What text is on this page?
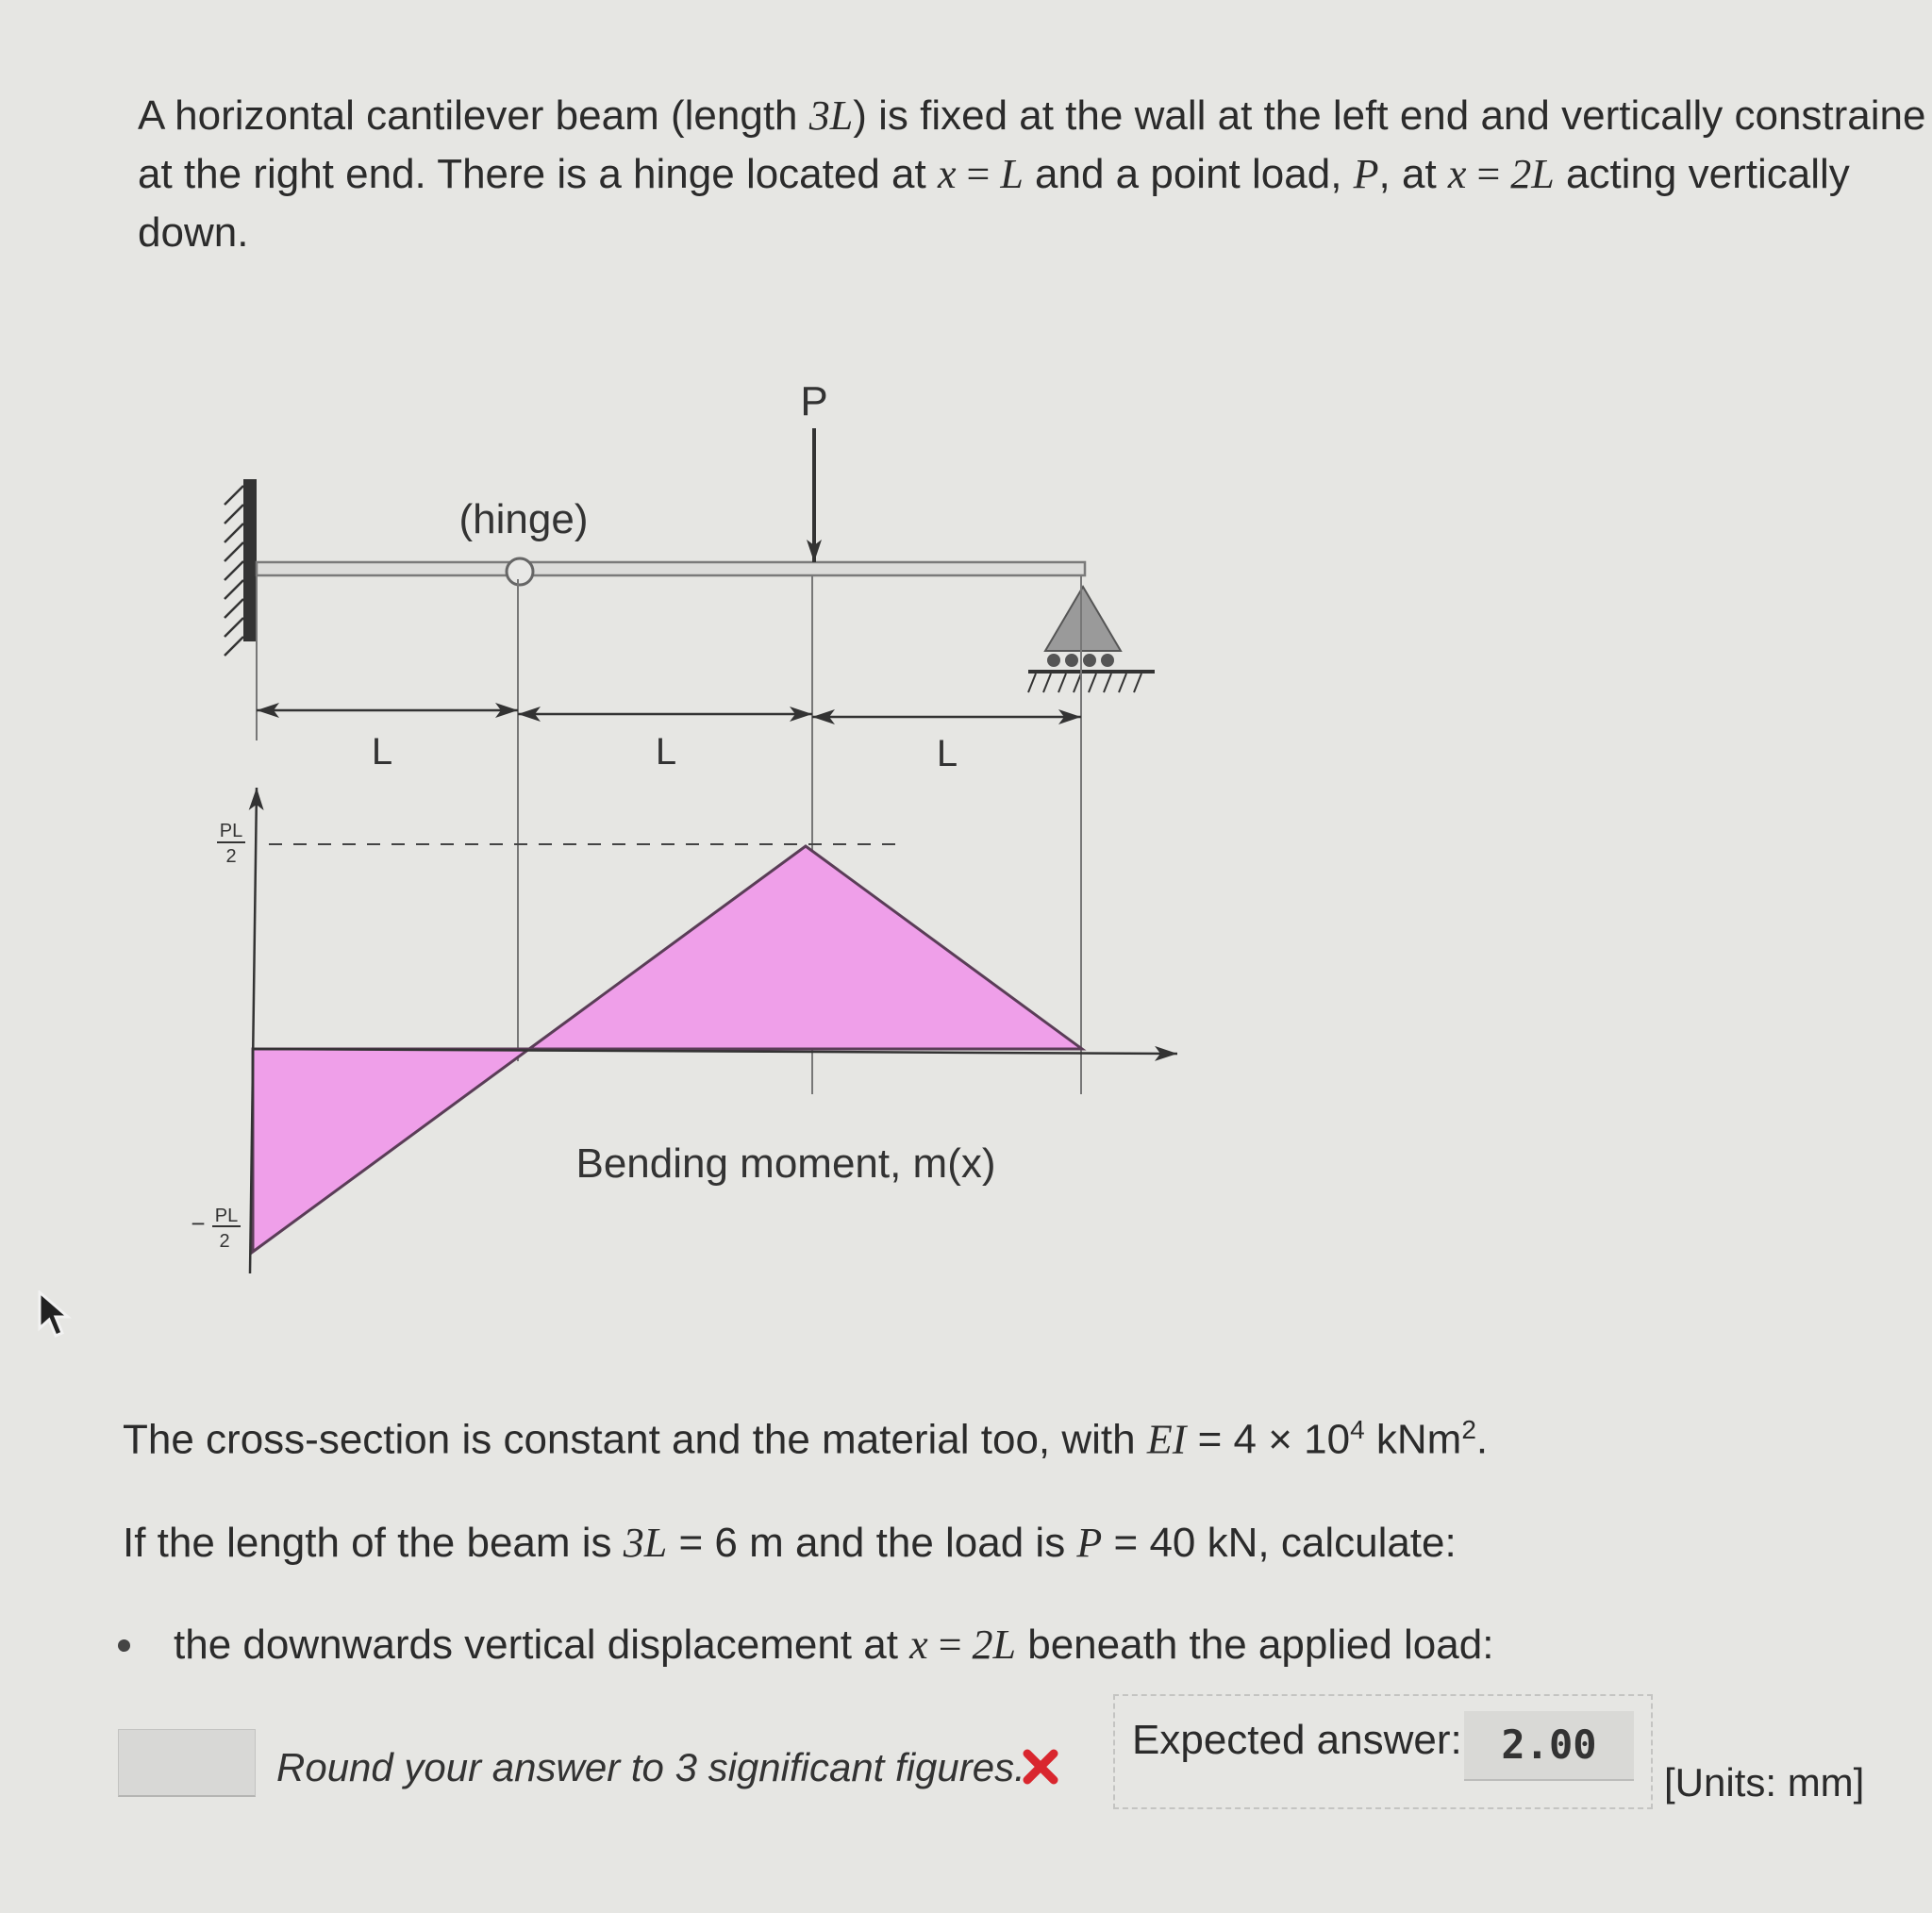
A horizontal cantilever beam (length 3L) is fixed at the wall at the left end and vertically constraine
at the right end. There is a hinge located at x = L and a point load, P, at x = 2L acting vertically
down.
(hinge)
P
L	L	L
PL
2
− PL
2
Bending moment, m(x)
The cross-section is constant and the material too, with EI = $4 \times 10^4$ kNm$^2$.
If the length of the beam is 3L = 6 m and the load is P = 40 kN, calculate:
the downwards vertical displacement at x = 2L beneath the applied load:
Round your answer to 3 significant figures.
Expected answer: 2.00
[Units: mm]
